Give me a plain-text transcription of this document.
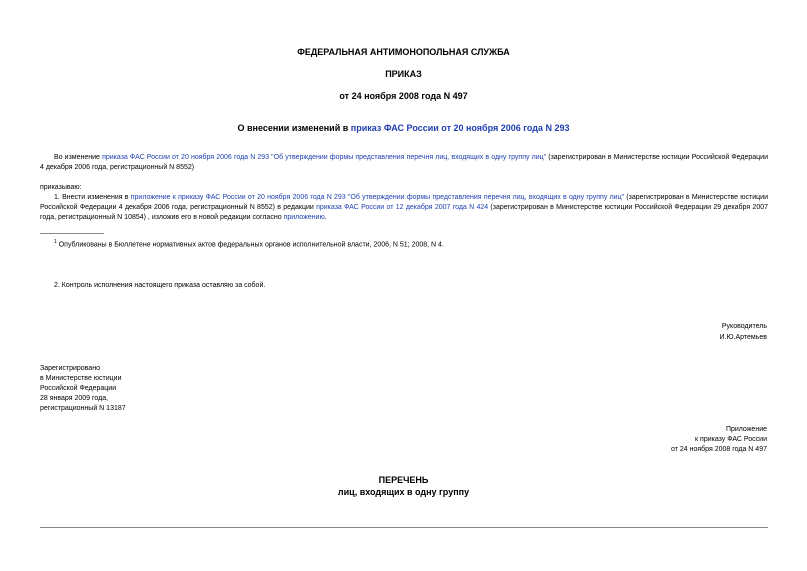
ФЕДЕРАЛЬНАЯ АНТИМОНОПОЛЬНАЯ СЛУЖБА
ПРИКАЗ
от 24 ноября 2008 года N 497
О внесении изменений в приказ ФАС России от 20 ноября 2006 года N 293
Во изменение приказа ФАС России от 20 ноября 2006 года N 293 "Об утверждении формы представления перечня лиц, входящих в одну группу лиц" (зарегистрирован в Министерстве юстиции Российской Федерации 4 декабря 2006 года, регистрационный N 8552)
приказываю:
1. Внести изменения в приложение к приказу ФАС России от 20 ноября 2006 года N 293 "Об утверждении формы представления перечня лиц, входящих в одну группу лиц" (зарегистрирован в Министерстве юстиции Российской Федерации 4 декабря 2006 года, регистрационный N 8552) в редакции приказа ФАС России от 12 декабря 2007 года N 424 (зарегистрирован в Министерстве юстиции Российской Федерации 29 декабря 2007 года, регистрационный N 10854) , изложив его в новой редакции согласно приложению.
$^1$ Опубликованы в Бюллетене нормативных актов федеральных органов исполнительной власти, 2006, N 51; 2008, N 4.
2. Контроль исполнения настоящего приказа оставляю за собой.
Руководитель
И.Ю.Артемьев
Зарегистрировано
в Министерстве юстиции
Российской Федерации
28 января 2009 года,
регистрационный N 13187
Приложение
к приказу ФАС России
от 24 ноября 2008 года N 497
ПЕРЕЧЕНЬ
лиц, входящих в одну группу
